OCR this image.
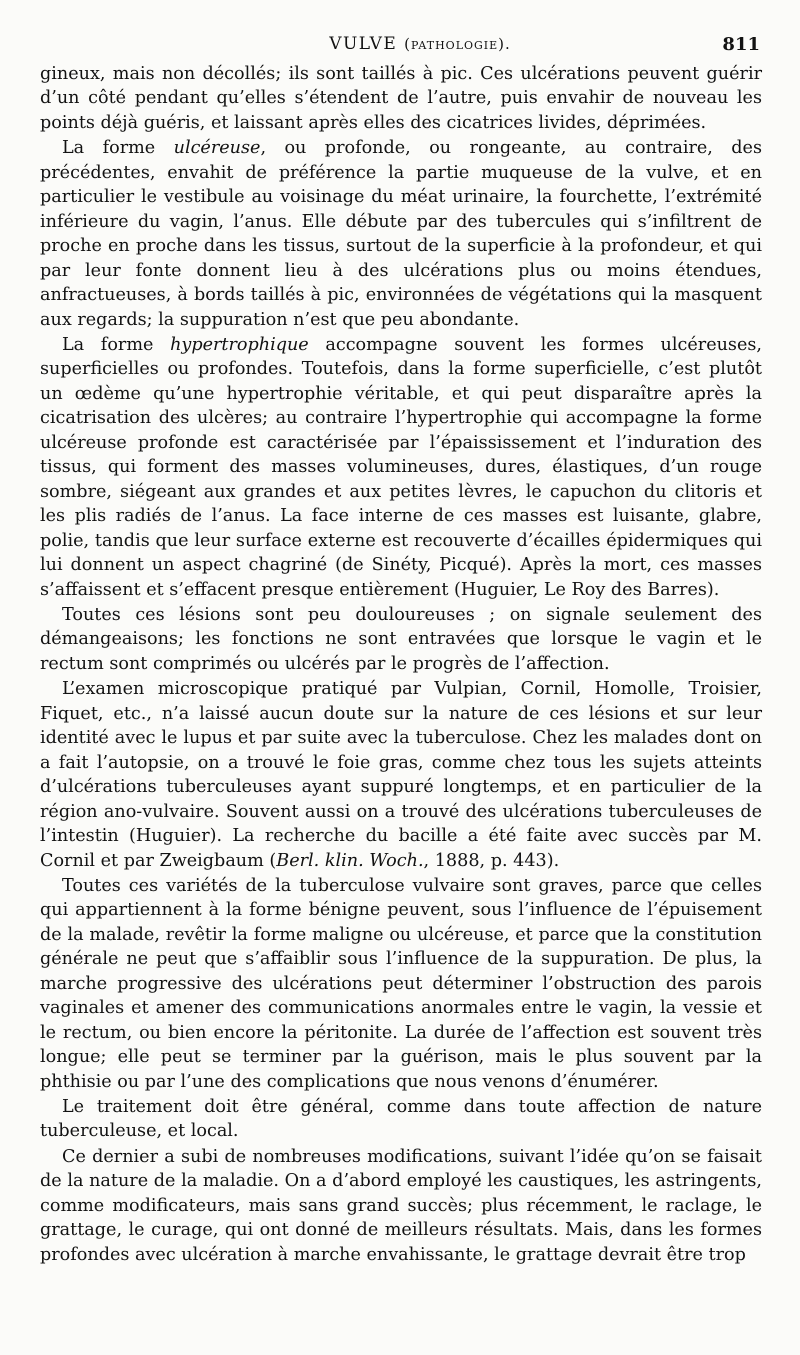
VULVE (pathologie).	811

gineux, mais non décollés; ils sont taillés à pic. Ces ulcérations peuvent guérir d’un côté pendant qu’elles s’étendent de l’autre, puis envahir de nouveau les points déjà guéris, et laissant après elles des cicatrices livides, déprimées.

La forme ulcéreuse, ou profonde, ou rongeante, au contraire, des précédentes, envahit de préférence la partie muqueuse de la vulve, et en particulier le vestibule au voisinage du méat urinaire, la fourchette, l’extrémité inférieure du vagin, l’anus. Elle débute par des tubercules qui s’infiltrent de proche en proche dans les tissus, surtout de la superficie à la profondeur, et qui par leur fonte donnent lieu à des ulcérations plus ou moins étendues, anfractueuses, à bords taillés à pic, environnées de végétations qui la masquent aux regards; la suppuration n’est que peu abondante.

La forme hypertrophique accompagne souvent les formes ulcéreuses, superficielles ou profondes. Toutefois, dans la forme superficielle, c’est plutôt un œdème qu’une hypertrophie véritable, et qui peut disparaître après la cicatrisation des ulcères; au contraire l’hypertrophie qui accompagne la forme ulcéreuse profonde est caractérisée par l’épaississement et l’induration des tissus, qui forment des masses volumineuses, dures, élastiques, d’un rouge sombre, siégeant aux grandes et aux petites lèvres, le capuchon du clitoris et les plis radiés de l’anus. La face interne de ces masses est luisante, glabre, polie, tandis que leur surface externe est recouverte d’écailles épidermiques qui lui donnent un aspect chagriné (de Sinéty, Picqué). Après la mort, ces masses s’affaissent et s’effacent presque entièrement (Huguier, Le Roy des Barres).

Toutes ces lésions sont peu douloureuses ; on signale seulement des démangeaisons; les fonctions ne sont entravées que lorsque le vagin et le rectum sont comprimés ou ulcérés par le progrès de l’affection.

L’examen microscopique pratiqué par Vulpian, Cornil, Homolle, Troisier, Fiquet, etc., n’a laissé aucun doute sur la nature de ces lésions et sur leur identité avec le lupus et par suite avec la tuberculose. Chez les malades dont on a fait l’autopsie, on a trouvé le foie gras, comme chez tous les sujets atteints d’ulcérations tuberculeuses ayant suppuré longtemps, et en particulier de la région ano-vulvaire. Souvent aussi on a trouvé des ulcérations tuberculeuses de l’intestin (Huguier). La recherche du bacille a été faite avec succès par M. Cornil et par Zweigbaum (Berl. klin. Woch., 1888, p. 443).

Toutes ces variétés de la tuberculose vulvaire sont graves, parce que celles qui appartiennent à la forme bénigne peuvent, sous l’influence de l’épuisement de la malade, revêtir la forme maligne ou ulcéreuse, et parce que la constitution générale ne peut que s’affaiblir sous l’influence de la suppuration. De plus, la marche progressive des ulcérations peut déterminer l’obstruction des parois vaginales et amener des communications anormales entre le vagin, la vessie et le rectum, ou bien encore la péritonite. La durée de l’affection est souvent très longue; elle peut se terminer par la guérison, mais le plus souvent par la phthisie ou par l’une des complications que nous venons d’énumérer.

Le traitement doit être général, comme dans toute affection de nature tuberculeuse, et local.

Ce dernier a subi de nombreuses modifications, suivant l’idée qu’on se faisait de la nature de la maladie. On a d’abord employé les caustiques, les astringents, comme modificateurs, mais sans grand succès; plus récemment, le raclage, le grattage, le curage, qui ont donné de meilleurs résultats. Mais, dans les formes profondes avec ulcération à marche envahissante, le grattage devrait être trop
